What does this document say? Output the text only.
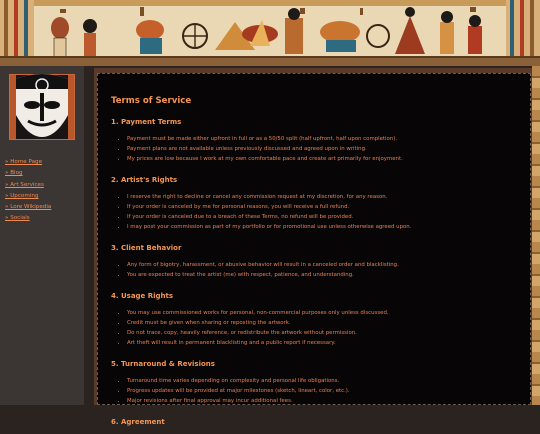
» Home Page
» Blog
» Art Services
» Upcoming
» Lore Wikipedia
» Socials
Terms of Service
1. Payment Terms
• Payment must be made either upfront in full or as a 50/50 split (half upfront, half upon completion).
• Payment plans are not available unless previously discussed and agreed upon in writing.
• My prices are low because I work at my own comfortable pace and create art primarily for enjoyment.
2. Artist's Rights
• I reserve the right to decline or cancel any commission request at my discretion, for any reason.
• If your order is canceled by me for personal reasons, you will receive a full refund.
• If your order is canceled due to a breach of these Terms, no refund will be provided.
• I may post your commission as part of my portfolio or for promotional use unless otherwise agreed upon.
3. Client Behavior
• Any form of bigotry, harassment, or abusive behavior will result in a canceled order and blacklisting.
• You are expected to treat the artist (me) with respect, patience, and understanding.
4. Usage Rights
• You may use commissioned works for personal, non-commercial purposes only unless discussed.
• Credit must be given when sharing or reposting the artwork.
• Do not trace, copy, heavily reference, or redistribute the artwork without permission.
• Art theft will result in permanent blacklisting and a public report if necessary.
5. Turnaround & Revisions
• Turnaround time varies depending on complexity and personal life obligations.
• Progress updates will be provided at major milestones (sketch, lineart, color, etc.).
• Major revisions after final approval may incur additional fees.
6. Agreement
